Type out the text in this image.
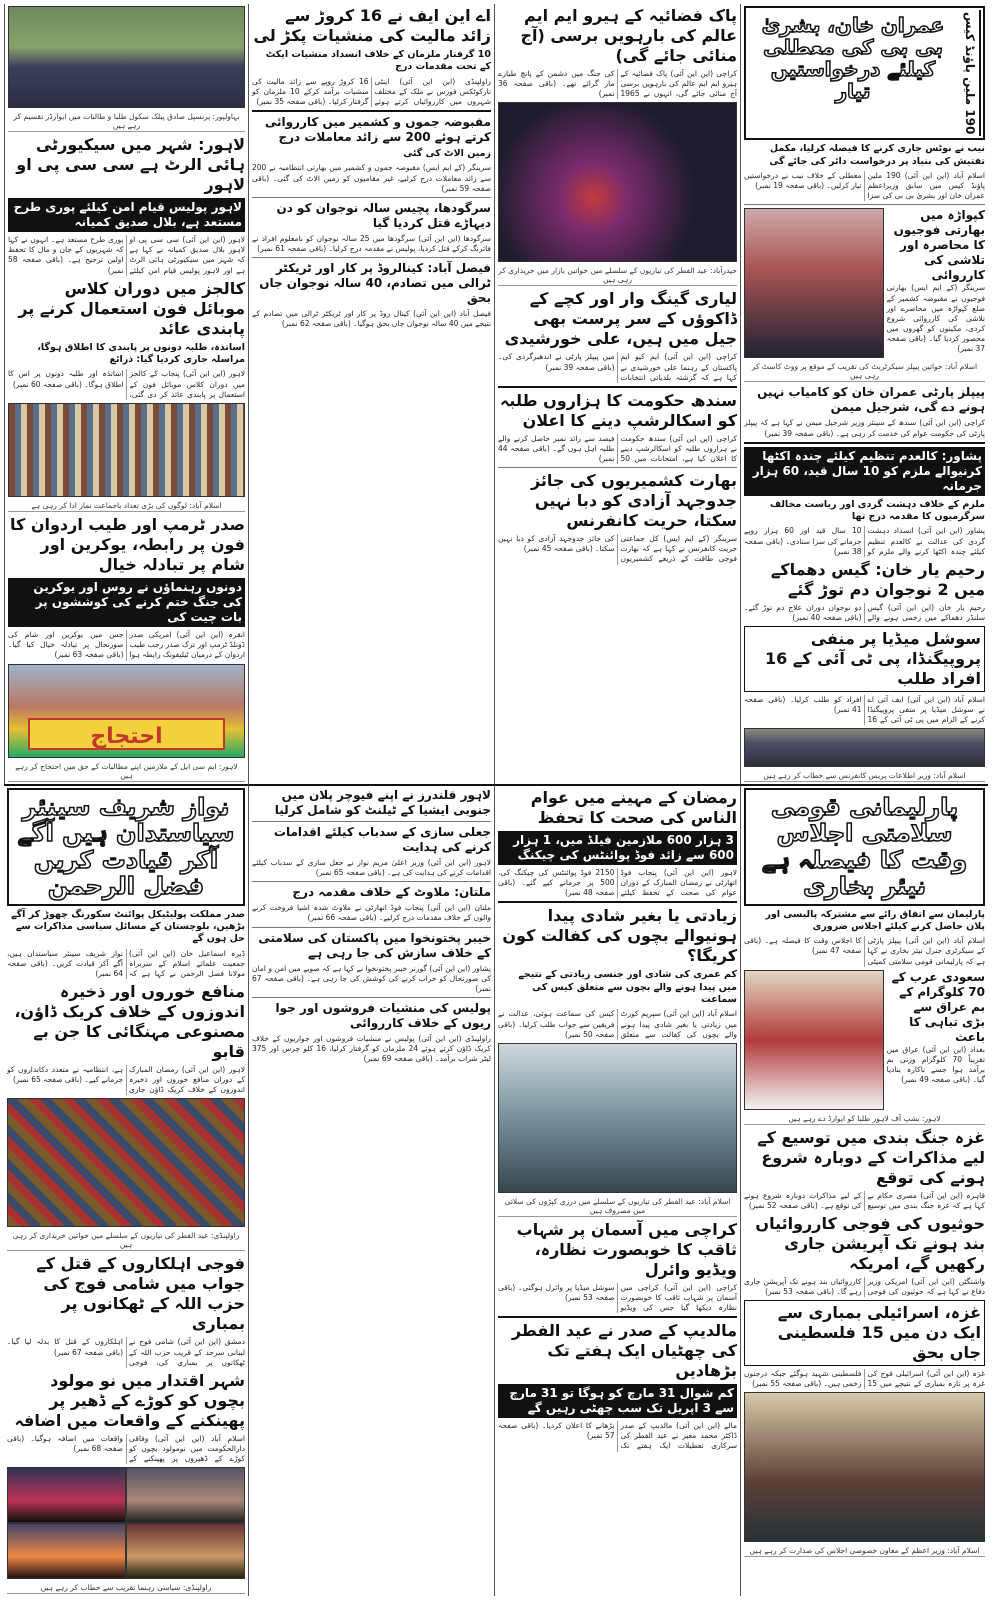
190 ملین پاؤنڈ کیس
عمران خان، بشریٰ بی بی کی معطلی کیلئے درخواستیں تیار
نیب نے نوٹس جاری کرنے کا فیصلہ کرلیا، مکمل تفتیش کی بنیاد پر درخواست دائر کی جائے گی
اسلام آباد (این این آئی) 190 ملین پاؤنڈ کیس میں سابق وزیراعظم عمران خان اور بشریٰ بی بی کی سزا معطلی کے خلاف نیب نے درخواستیں تیار کرلیں۔ (باقی صفحہ 19 نمبر)
کپواڑہ میں بھارتی فوجیوں کا محاصرہ اور تلاشی کی کارروائی
سرینگر (کے ایم ایس) بھارتی فوجیوں نے مقبوضہ کشمیر کے ضلع کپواڑہ میں محاصرے اور تلاشی کی کارروائی شروع کردی، مکینوں کو گھروں میں محصور کردیا گیا۔ (باقی صفحہ 37 نمبر)
اسلام آباد: خواتین پیپلز سیکرٹریٹ کی تقریب کے موقع پر ووٹ کاسٹ کر رہی ہیں
پیپلز پارٹی عمران خان کو کامیاب نہیں ہونے دے گی، شرجیل میمن
کراچی (این این آئی) سندھ کے سینئر وزیر شرجیل میمن نے کہا ہے کہ پیپلز پارٹی کی حکومت عوام کی خدمت کر رہی ہے۔ (باقی صفحہ 39 نمبر)
پشاور: کالعدم تنظیم کیلئے چندہ اکٹھا کرنیوالے ملزم کو 10 سال قید، 60 ہزار جرمانہ
ملزم کے خلاف دہشت گردی اور ریاست مخالف سرگرمیوں کا مقدمہ درج تھا
پشاور (این این آئی) انسداد دہشت گردی کی عدالت نے کالعدم تنظیم کیلئے چندہ اکٹھا کرنے والے ملزم کو 10 سال قید اور 60 ہزار روپے جرمانے کی سزا سنادی۔ (باقی صفحہ 38 نمبر)
رحیم یار خان: گیس دھماکے میں 2 نوجوان دم توڑ گئے
رحیم یار خان (این این آئی) گیس سلنڈر دھماکے میں زخمی ہونے والے دو نوجوان دوران علاج دم توڑ گئے۔ (باقی صفحہ 40 نمبر)
سوشل میڈیا پر منفی پروپیگنڈا، پی ٹی آئی کے 16 افراد طلب
اسلام آباد (این این آئی) ایف آئی اے نے سوشل میڈیا پر منفی پروپیگنڈا کرنے کے الزام میں پی ٹی آئی کے 16 افراد کو طلب کرلیا۔ (باقی صفحہ 41 نمبر)
اسلام آباد: وزیر اطلاعات پریس کانفرنس سے خطاب کر رہے ہیں
پاک فضائیہ کے ہیرو ایم ایم عالم کی بارہویں برسی (آج منائی جائے گی)
کراچی (این این آئی) پاک فضائیہ کے ہیرو ایم ایم عالم کی بارہویں برسی آج منائی جائے گی، انہوں نے 1965 کی جنگ میں دشمن کے پانچ طیارے مار گرائے تھے۔ (باقی صفحہ 36 نمبر)
حیدرآباد: عید الفطر کی تیاریوں کے سلسلے میں خواتین بازار میں خریداری کر رہی ہیں
لیاری گینگ وار اور کچے کے ڈاکوؤں کے سر پرست بھی جیل میں ہیں، علی خورشیدی
کراچی (این این آئی) ایم کیو ایم پاکستان کے رہنما علی خورشیدی نے کہا ہے کہ گزشتہ بلدیاتی انتخابات میں پیپلز پارٹی نے اندھیرگردی کی۔ (باقی صفحہ 39 نمبر)
سندھ حکومت کا ہزاروں طلبہ کو اسکالرشپ دینے کا اعلان
کراچی (این این آئی) سندھ حکومت نے ہزاروں طلبہ کو اسکالرشپ دینے کا اعلان کیا ہے، امتحانات میں 50 فیصد سے زائد نمبر حاصل کرنے والے طلبہ اہل ہوں گے۔ (باقی صفحہ 44 نمبر)
بھارت کشمیریوں کی جائز جدوجہد آزادی کو دبا نہیں سکتا، حریت کانفرنس
سرینگر (کے ایم ایس) کل جماعتی حریت کانفرنس نے کہا ہے کہ بھارت فوجی طاقت کے ذریعے کشمیریوں کی جائز جدوجہد آزادی کو دبا نہیں سکتا۔ (باقی صفحہ 45 نمبر)
اے این ایف نے 16 کروڑ سے زائد مالیت کی منشیات پکڑ لی
10 گرفتار ملزمان کے خلاف انسداد منشیات ایکٹ کے تحت مقدمات درج
راولپنڈی (این این آئی) اینٹی نارکوٹکس فورس نے ملک کے مختلف شہروں میں کارروائیاں کرتے ہوئے 16 کروڑ روپے سے زائد مالیت کی منشیات برآمد کرکے 10 ملزمان کو گرفتار کرلیا۔ (باقی صفحہ 35 نمبر)
مقبوضہ جموں و کشمیر میں کارروائی کرتے ہوئے 200 سے زائد معاملات درج
زمین الاٹ کی گئی
سرینگر (کے ایم ایس) مقبوضہ جموں و کشمیر میں بھارتی انتظامیہ نے 200 سے زائد معاملات درج کرلیے، غیر مقامیوں کو زمین الاٹ کی گئی۔ (باقی صفحہ 59 نمبر)
سرگودھا، پچیس سالہ نوجوان کو دن دیہاڑے قتل کردیا گیا
سرگودھا (این این آئی) سرگودھا میں 25 سالہ نوجوان کو نامعلوم افراد نے فائرنگ کرکے قتل کردیا، پولیس نے مقدمہ درج کرلیا۔ (باقی صفحہ 61 نمبر)
فیصل آباد: کینالروڈ پر کار اور ٹریکٹر ٹرالی میں تصادم، 40 سالہ نوجوان جاں بحق
فیصل آباد (این این آئی) کینال روڈ پر کار اور ٹریکٹر ٹرالی میں تصادم کے نتیجے میں 40 سالہ نوجوان جاں بحق ہوگیا۔ (باقی صفحہ 62 نمبر)
بہاولپور: پرنسپل صادق پبلک سکول طلبا و طالبات میں ایوارڈز تقسیم کر رہے ہیں
لاہور: شہر میں سیکیورٹی ہائی الرٹ ہے سی سی پی او لاہور
لاہور پولیس قیام امن کیلئے پوری طرح مستعد ہے، بلال صدیق کمیانہ
لاہور (این این آئی) سی سی پی او لاہور بلال صدیق کمیانہ نے کہا ہے کہ شہر میں سیکیورٹی ہائی الرٹ ہے اور لاہور پولیس قیام امن کیلئے پوری طرح مستعد ہے۔ انہوں نے کہا کہ شہریوں کے جان و مال کا تحفظ اولین ترجیح ہے۔ (باقی صفحہ 58 نمبر)
کالجز میں دوران کلاس موبائل فون استعمال کرنے پر پابندی عائد
اساتذہ، طلبہ دونوں پر پابندی کا اطلاق ہوگا، مراسلہ جاری کردیا گیا: ذرائع
لاہور (این این آئی) پنجاب کے کالجز میں دوران کلاس موبائل فون کے استعمال پر پابندی عائد کر دی گئی، اساتذہ اور طلبہ دونوں پر اس کا اطلاق ہوگا۔ (باقی صفحہ 60 نمبر)
اسلام آباد: لوگوں کی بڑی تعداد باجماعت نماز ادا کر رہی ہے
صدر ٹرمپ اور طیب اردوان کا فون پر رابطہ، یوکرین اور شام پر تبادلہ خیال
دونوں رہنماؤں نے روس اور یوکرین کی جنگ ختم کرنے کی کوششوں پر بات چیت کی
انقرہ (این این آئی) امریکی صدر ڈونلڈ ٹرمپ اور ترک صدر رجب طیب اردوان کے درمیان ٹیلیفونک رابطہ ہوا جس میں یوکرین اور شام کی صورتحال پر تبادلہ خیال کیا گیا۔ (باقی صفحہ 63 نمبر)
احتجاج
لاہور: ایم سی ایل کے ملازمین اپنے مطالبات کے حق میں احتجاج کر رہے ہیں
پارلیمانی قومی سلامتی اجلاس وقت کا فیصلہ ہے نیئر بخاری
پارلیمان سے اتفاق رائے سے مشترکہ پالیسی اور پلان حاصل کرنے کیلئے اجلاس ضروری
اسلام آباد (این این آئی) پیپلز پارٹی کے سیکرٹری جنرل نیئر بخاری نے کہا ہے کہ پارلیمانی قومی سلامتی کمیٹی کا اجلاس وقت کا فیصلہ ہے۔ (باقی صفحہ 47 نمبر)
سعودی عرب کے 70 کلوگرام کے بم عراق سے بڑی تباہی کا باعث
بغداد (این این آئی) عراق میں تقریباً 70 کلوگرام وزنی بم برآمد ہوا جسے ناکارہ بنادیا گیا۔ (باقی صفحہ 49 نمبر)
لاہور: بشپ آف لاہور طلبا کو ایوارڈ دے رہے ہیں
غزہ جنگ بندی میں توسیع کے لیے مذاکرات کے دوبارہ شروع ہونے کی توقع
قاہرہ (این این آئی) مصری حکام نے کہا ہے کہ غزہ جنگ بندی میں توسیع کے لیے مذاکرات دوبارہ شروع ہونے کی توقع ہے۔ (باقی صفحہ 52 نمبر)
حوثیوں کی فوجی کارروائیاں بند ہونے تک آپریشن جاری رکھیں گے، امریکہ
واشنگٹن (این این آئی) امریکی وزیر دفاع نے کہا ہے کہ حوثیوں کی فوجی کارروائیاں بند ہونے تک آپریشن جاری رہے گا۔ (باقی صفحہ 53 نمبر)
غزہ، اسرائیلی بمباری سے ایک دن میں 15 فلسطینی جاں بحق
غزہ (این این آئی) اسرائیلی فوج کی غزہ پر تازہ بمباری کے نتیجے میں 15 فلسطینی شہید ہوگئے جبکہ درجنوں زخمی ہیں۔ (باقی صفحہ 55 نمبر)
اسلام آباد: وزیر اعظم کے معاون خصوصی اجلاس کی صدارت کر رہے ہیں
رمضان کے مہینے میں عوام الناس کی صحت کا تحفظ
3 ہزار 600 ملازمین فیلڈ میں، 1 ہزار 600 سے زائد فوڈ پوائنٹس کی چیکنگ
لاہور (این این آئی) پنجاب فوڈ اتھارٹی نے رمضان المبارک کے دوران عوام کی صحت کے تحفظ کیلئے 2150 فوڈ پوائنٹس کی چیکنگ کی، 500 پر جرمانے کیے گئے۔ (باقی صفحہ 48 نمبر)
زیادتی یا بغیر شادی پیدا ہونیوالے بچوں کی کفالت کون کریگا؟
کم عمری کی شادی اور جنسی زیادتی کے نتیجے میں پیدا ہونے والے بچوں سے متعلق کیس کی سماعت
اسلام آباد (این این آئی) سپریم کورٹ میں زیادتی یا بغیر شادی پیدا ہونے والے بچوں کی کفالت سے متعلق کیس کی سماعت ہوئی، عدالت نے فریقین سے جواب طلب کرلیا۔ (باقی صفحہ 50 نمبر)
اسلام آباد: عید الفطر کی تیاریوں کے سلسلے میں درزی کپڑوں کی سلائی میں مصروف ہیں
کراچی میں آسمان پر شہاب ثاقب کا خوبصورت نظارہ، ویڈیو وائرل
کراچی (این این آئی) کراچی میں آسمان پر شہاب ثاقب کا خوبصورت نظارہ دیکھا گیا جس کی ویڈیو سوشل میڈیا پر وائرل ہوگئی۔ (باقی صفحہ 53 نمبر)
مالدیپ کے صدر نے عید الفطر کی چھٹیاں ایک ہفتے تک بڑھادیں
کم شوال 31 مارچ کو ہوگا تو 31 مارچ سے 3 اپریل تک سب چھٹی رہیں گے
مالے (این این آئی) مالدیپ کے صدر ڈاکٹر محمد معیز نے عید الفطر کی سرکاری تعطیلات ایک ہفتے تک بڑھانے کا اعلان کردیا۔ (باقی صفحہ 57 نمبر)
لاہور قلندرز نے اپنے فیوچر پلان میں جنوبی ایشیا کے ٹیلنٹ کو شامل کرلیا
جعلی سازی کے سدباب کیلئے اقدامات کرنے کی ہدایت
لاہور (این این آئی) وزیر اعلیٰ مریم نواز نے جعل سازی کے سدباب کیلئے اقدامات کرنے کی ہدایت کی ہے۔ (باقی صفحہ 65 نمبر)
ملتان: ملاوٹ کے خلاف مقدمہ درج
ملتان (این این آئی) پنجاب فوڈ اتھارٹی نے ملاوٹ شدہ اشیا فروخت کرنے والوں کے خلاف مقدمات درج کرلیے۔ (باقی صفحہ 66 نمبر)
خیبر پختونخوا میں پاکستان کی سلامتی کے خلاف سازش کی جا رہی ہے
پشاور (این این آئی) گورنر خیبر پختونخوا نے کہا ہے کہ صوبے میں امن و امان کی صورتحال کو خراب کرنے کی کوشش کی جا رہی ہے۔ (باقی صفحہ 67 نمبر)
پولیس کی منشیات فروشوں اور جوا ریوں کے خلاف کارروائی
راولپنڈی (این این آئی) پولیس نے منشیات فروشوں اور جواریوں کے خلاف کریک ڈاؤن کرتے ہوئے 24 ملزمان کو گرفتار کرلیا، 16 کلو چرس اور 375 لیٹر شراب برآمد۔ (باقی صفحہ 69 نمبر)
نواز شریف سینئر سیاستدان ہیں آگے آکر قیادت کریں فضل الرحمن
صدر مملکت پولیٹیکل پوائنٹ سکورنگ چھوڑ کر آگے بڑھیں، بلوچستان کے مسائل سیاسی مذاکرات سے حل ہوں گے
ڈیرہ اسماعیل خان (این این آئی) جمعیت علمائے اسلام کے سربراہ مولانا فضل الرحمن نے کہا ہے کہ نواز شریف سینئر سیاستدان ہیں، آگے آکر قیادت کریں۔ (باقی صفحہ 64 نمبر)
منافع خوروں اور ذخیرہ اندوزوں کے خلاف کریک ڈاؤن، مصنوعی مہنگائی کا جن بے قابو
لاہور (این این آئی) رمضان المبارک کے دوران منافع خوروں اور ذخیرہ اندوزوں کے خلاف کریک ڈاؤن جاری ہے، انتظامیہ نے متعدد دکانداروں کو جرمانے کیے۔ (باقی صفحہ 65 نمبر)
راولپنڈی: عید الفطر کی تیاریوں کے سلسلے میں خواتین خریداری کر رہی ہیں
فوجی اہلکاروں کے قتل کے جواب میں شامی فوج کی حزب اللہ کے ٹھکانوں پر بمباری
دمشق (این این آئی) شامی فوج نے لبنانی سرحد کے قریب حزب اللہ کے ٹھکانوں پر بمباری کی، فوجی اہلکاروں کے قتل کا بدلہ لیا گیا۔ (باقی صفحہ 67 نمبر)
شہر اقتدار میں نو مولود بچوں کو کوڑے کے ڈھیر پر پھینکنے کے واقعات میں اضافہ
اسلام آباد (این این آئی) وفاقی دارالحکومت میں نومولود بچوں کو کوڑے کے ڈھیروں پر پھینکنے کے واقعات میں اضافہ ہوگیا۔ (باقی صفحہ 68 نمبر)
راولپنڈی: سیاسی رہنما تقریب سے خطاب کر رہے ہیں
